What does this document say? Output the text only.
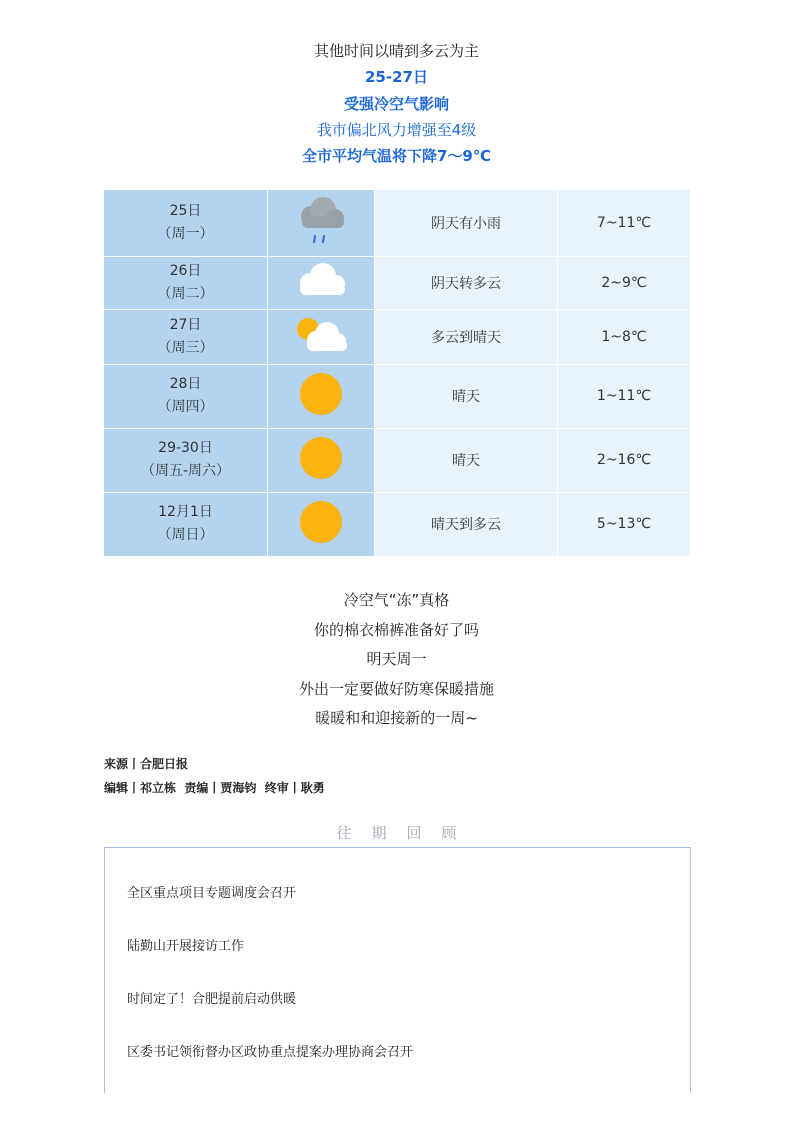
其他时间以晴到多云为主
25-27日
受强冷空气影响
我市偏北风力增强至4级
全市平均气温将下降7～9℃
25日
（周一）		阴天有小雨	7~11℃

26日
（周二）		阴天转多云	2~9℃

27日
（周三）		多云到晴天	1~8℃

28日
（周四）		晴天	1~11℃

29-30日
（周五-周六）		晴天	2~16℃

12月1日
（周日）		晴天到多云	5~13℃
冷空气“冻”真格
你的棉衣棉裤准备好了吗
明天周一
外出一定要做好防寒保暖措施
暖暖和和迎接新的一周~
来源丨合肥日报
编辑丨祁立栋  责编丨贾海钧  终审丨耿勇
往期回顾
全区重点项目专题调度会召开
陆勤山开展接访工作
时间定了！合肥提前启动供暖
区委书记领衔督办区政协重点提案办理协商会召开
